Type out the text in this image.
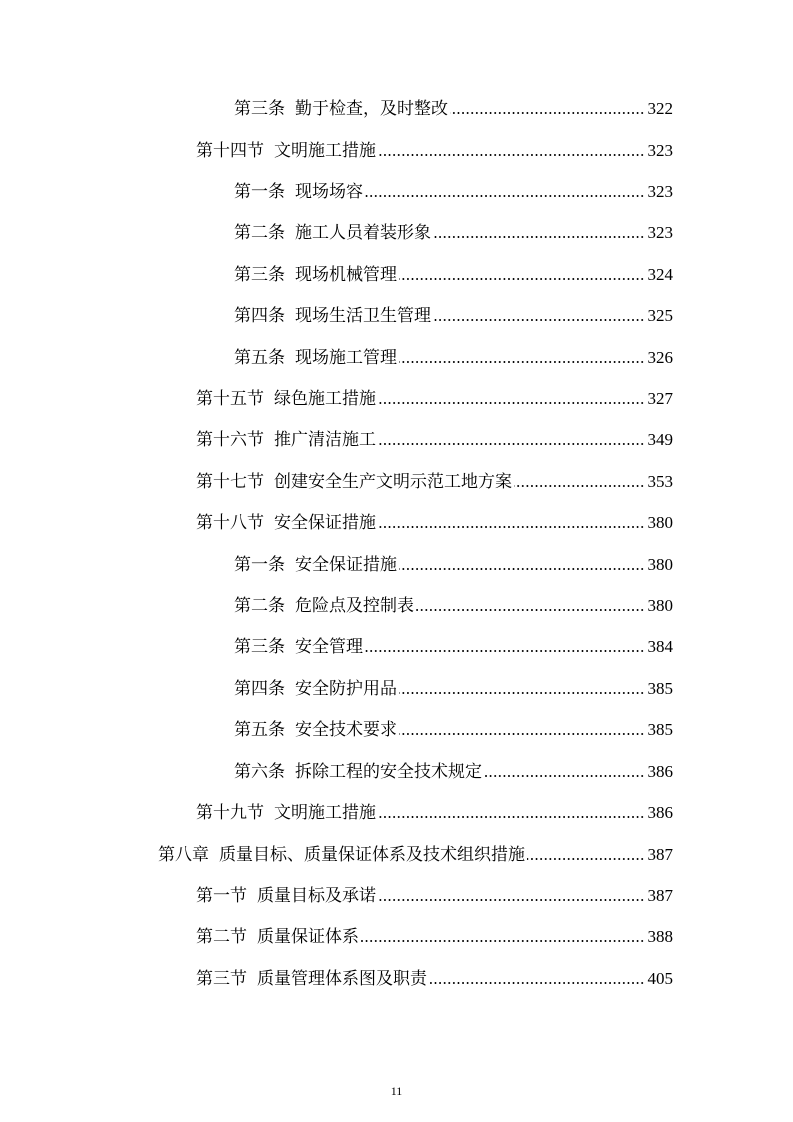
第三条 勤于检查，及时整改	322
第十四节 文明施工措施	323
第一条 现场场容	323
第二条 施工人员着装形象	323
第三条 现场机械管理	324
第四条 现场生活卫生管理	325
第五条 现场施工管理	326
第十五节 绿色施工措施	327
第十六节 推广清洁施工	349
第十七节 创建安全生产文明示范工地方案	353
第十八节 安全保证措施	380
第一条 安全保证措施	380
第二条 危险点及控制表	380
第三条 安全管理	384
第四条 安全防护用品	385
第五条 安全技术要求	385
第六条 拆除工程的安全技术规定	386
第十九节 文明施工措施	386
第八章 质量目标、质量保证体系及技术组织措施	387
第一节 质量目标及承诺	387
第二节 质量保证体系	388
第三节 质量管理体系图及职责	405
11
